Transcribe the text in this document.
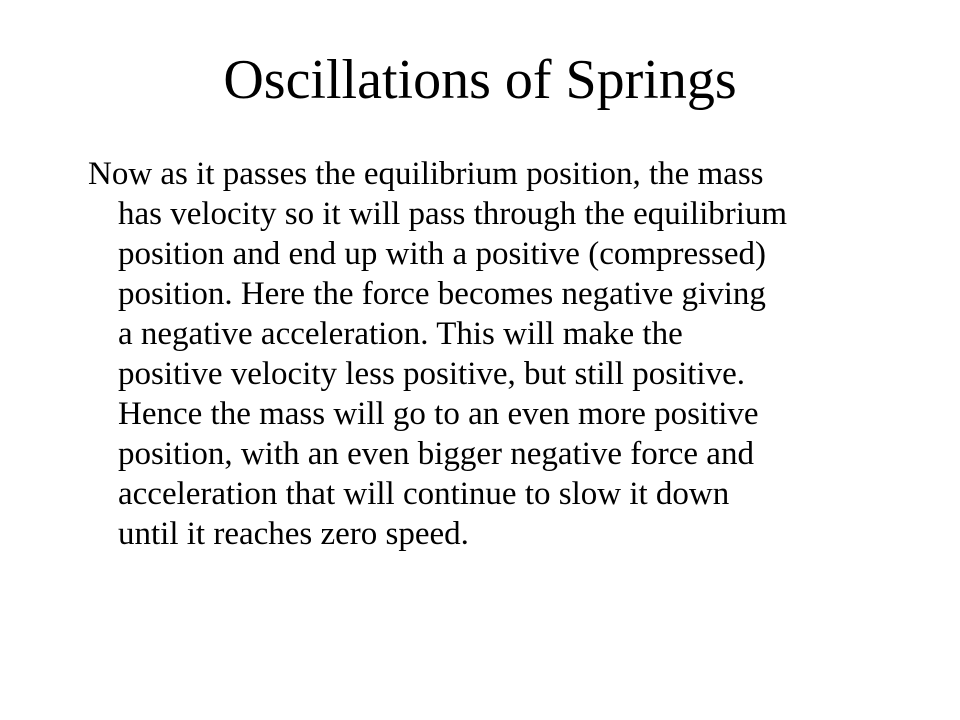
Oscillations of Springs
Now as it passes the equilibrium position, the mass
has velocity so it will pass through the equilibrium
position and end up with a positive (compressed)
position. Here the force becomes negative giving
a negative acceleration. This will make the
positive velocity less positive, but still positive.
Hence the mass will go to an even more positive
position, with an even bigger negative force and
acceleration that will continue to slow it down
until it reaches zero speed.
